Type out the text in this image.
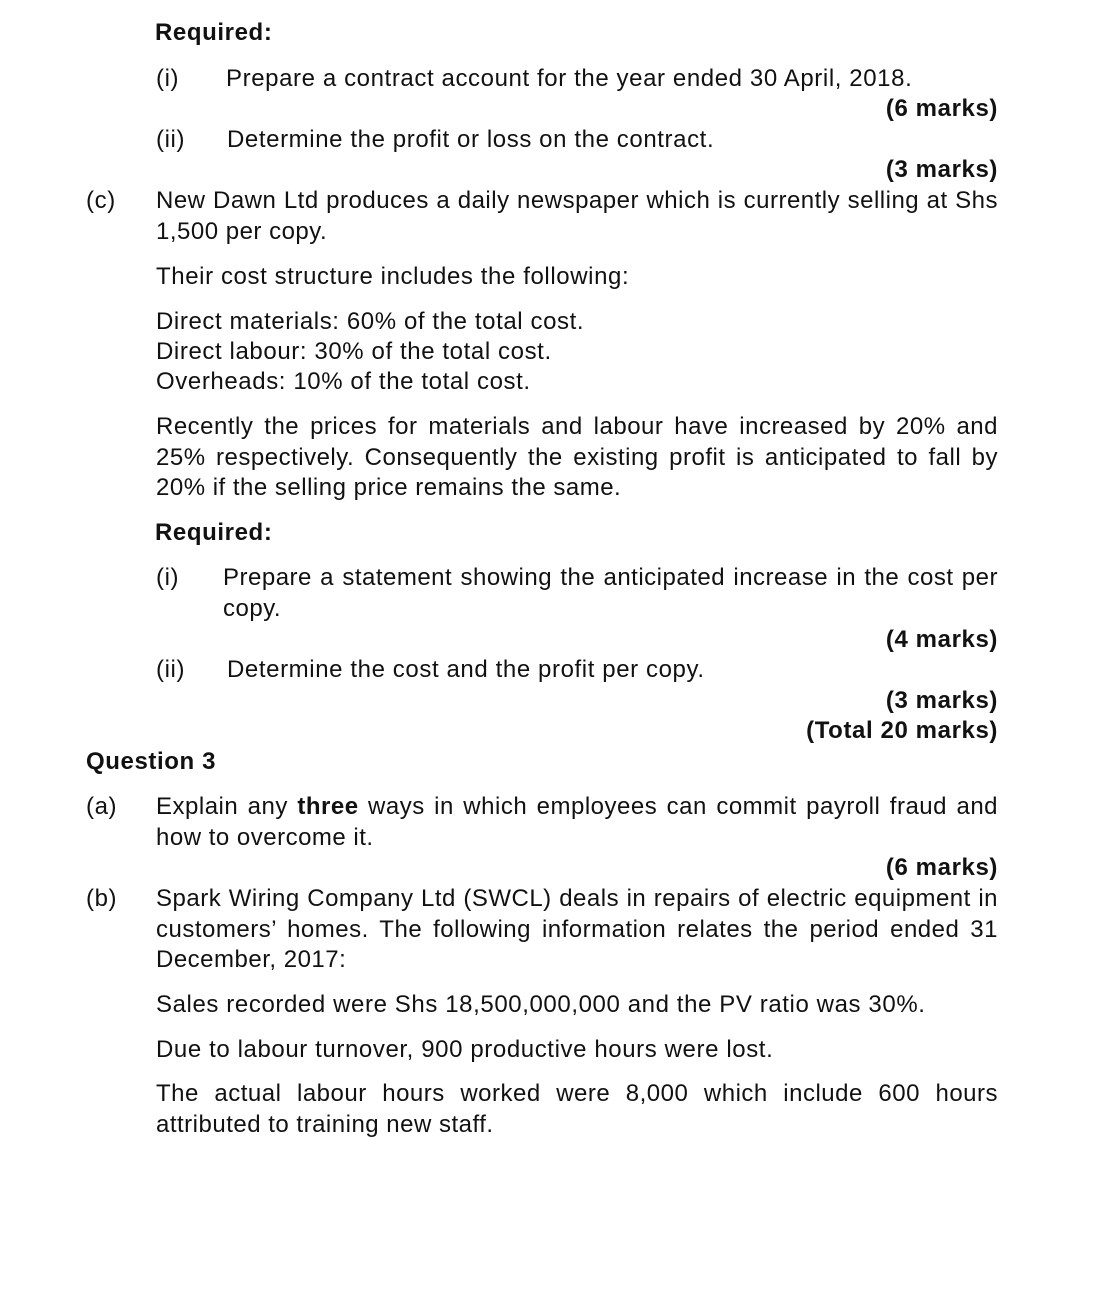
Required:
(i) Prepare a contract account for the year ended 30 April, 2018.
(6 marks)
(ii) Determine the profit or loss on the contract.
(3 marks)
(c) New Dawn Ltd produces a daily newspaper which is currently selling at Shs
1,500 per copy.
Their cost structure includes the following:
Direct materials: 60% of the total cost.
Direct labour: 30% of the total cost.
Overheads: 10% of the total cost.
Recently the prices for materials and labour have increased by 20% and
25% respectively. Consequently the existing profit is anticipated to fall by
20% if the selling price remains the same.
Required:
(i) Prepare a statement showing the anticipated increase in the cost per
copy.
(4 marks)
(ii) Determine the cost and the profit per copy.
(3 marks)
(Total 20 marks)
Question 3
(a) Explain any three ways in which employees can commit payroll fraud and
how to overcome it.
(6 marks)
(b) Spark Wiring Company Ltd (SWCL) deals in repairs of electric equipment in
customers’ homes. The following information relates the period ended 31
December, 2017:
Sales recorded were Shs 18,500,000,000 and the PV ratio was 30%.
Due to labour turnover, 900 productive hours were lost.
The actual labour hours worked were 8,000 which include 600 hours
attributed to training new staff.
